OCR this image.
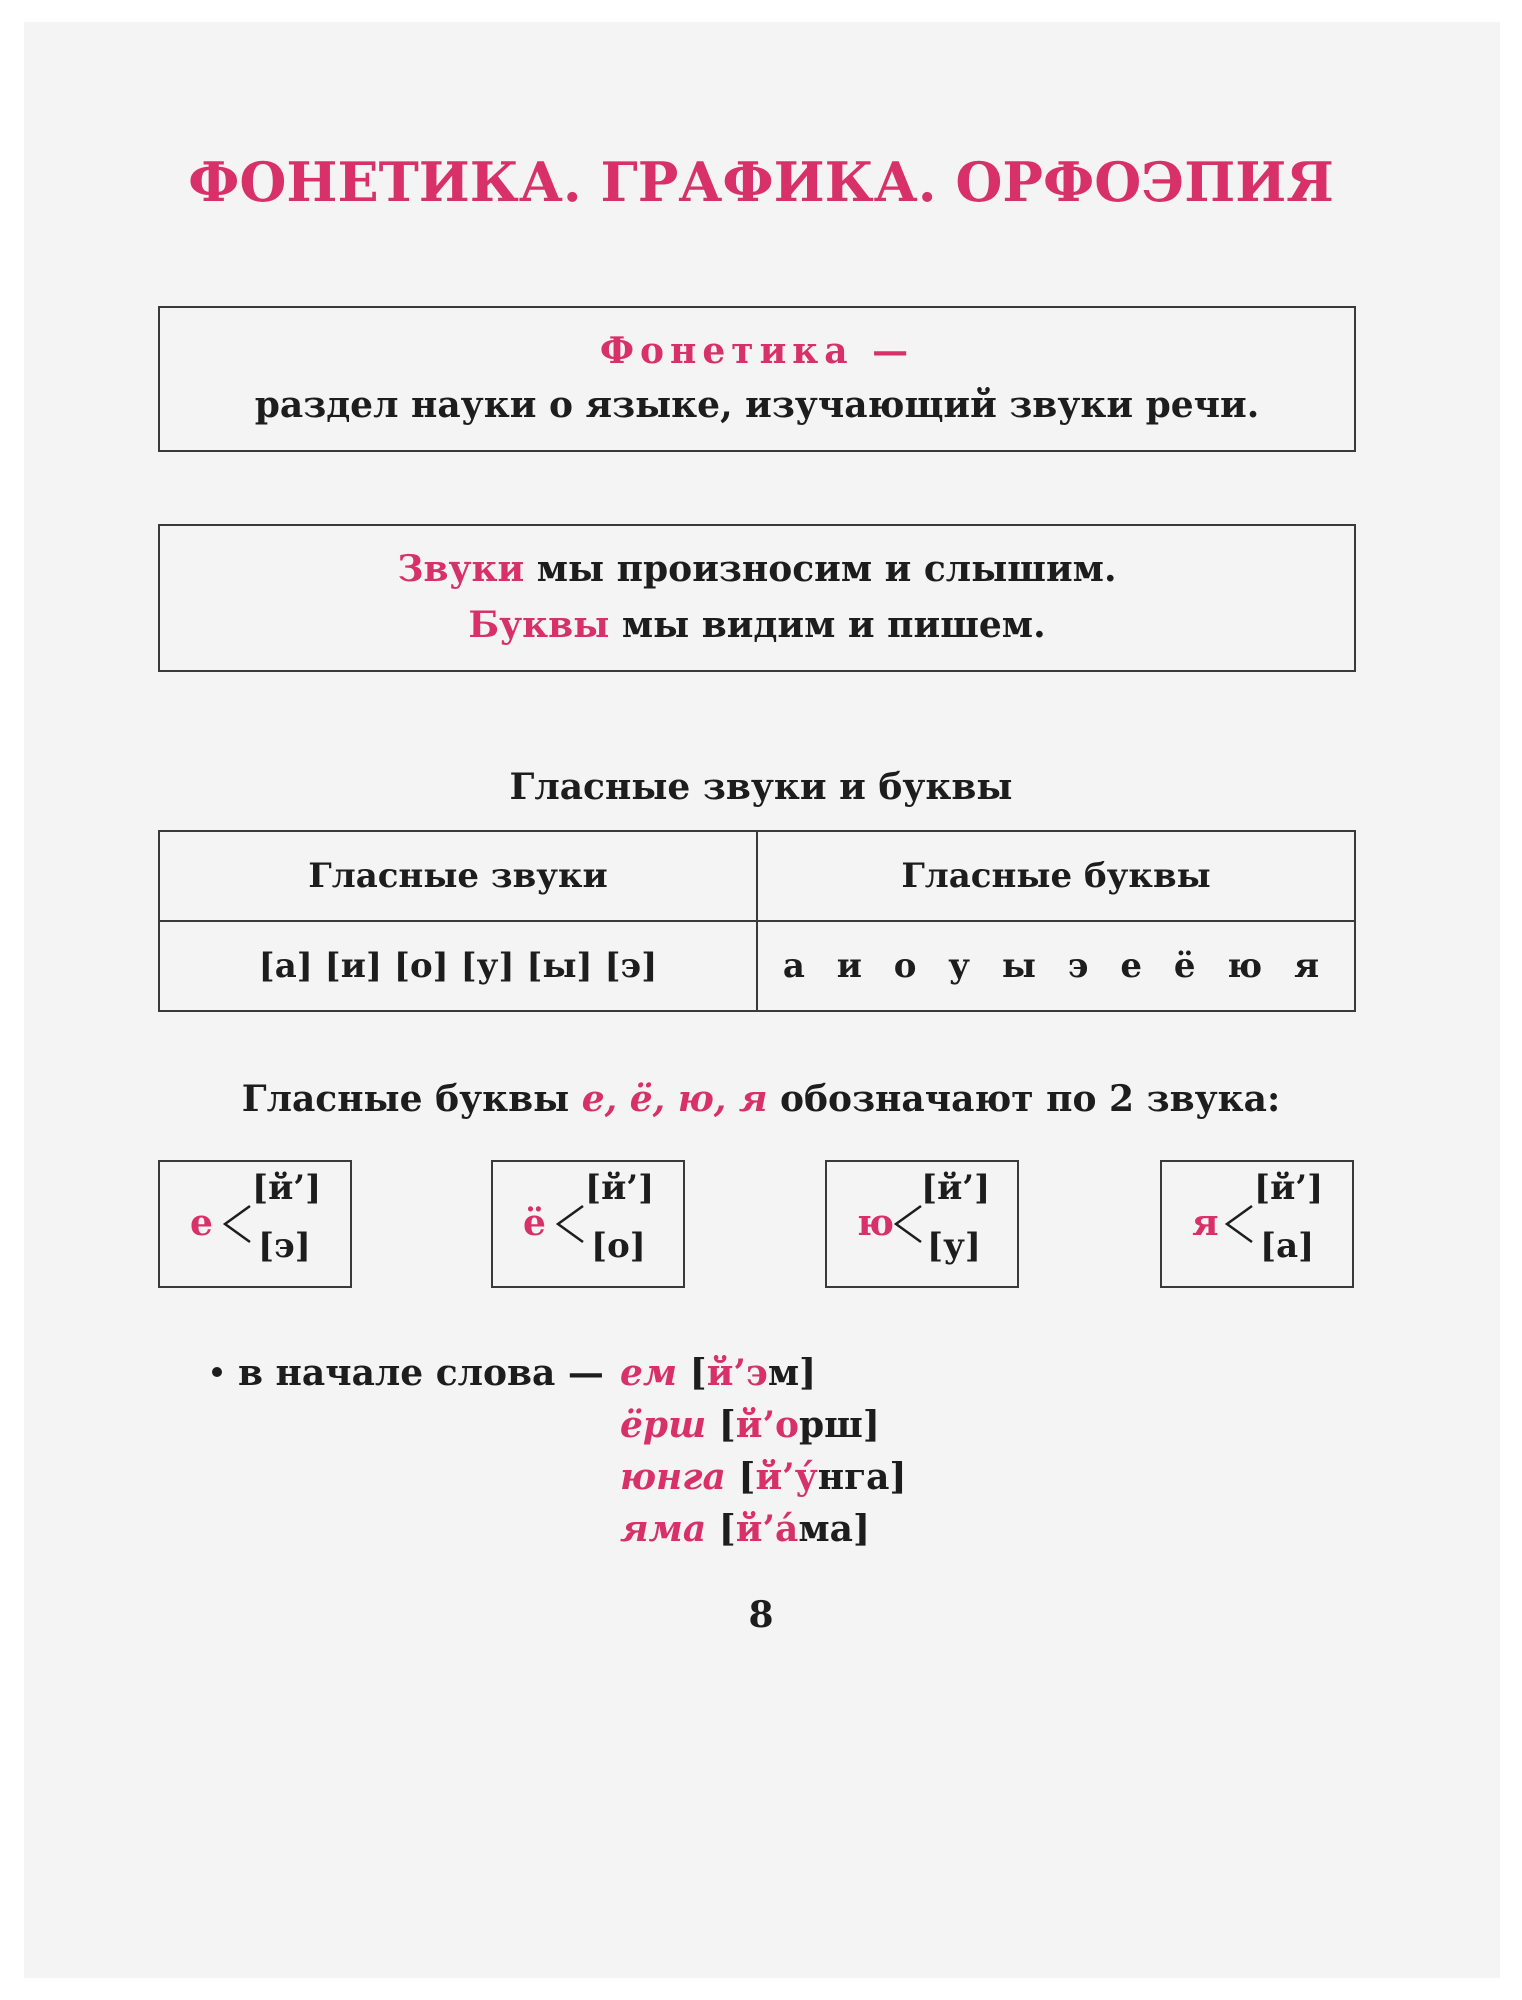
ФОНЕТИКА. ГРАФИКА. ОРФОЭПИЯ
Фонетика —
раздел науки о языке, изучающий звуки речи.
Звуки мы произносим и слышим.
Буквы мы видим и пишем.
Гласные звуки и буквы
Гласные звуки	Гласные буквы
[а] [и] [о] [у] [ы] [э]	а и о у ы э е ё ю я
Гласные буквы е, ё, ю, я обозначают по 2 звука:
е
[й’]
[э]
ё
[й’]
[о]
ю
[й’]
[у]
я
[й’]
[а]
в начале слова — ем [й’эм]
ёрш [й’орш]
юнга [й’у́нга]
яма [й’а́ма]
8
